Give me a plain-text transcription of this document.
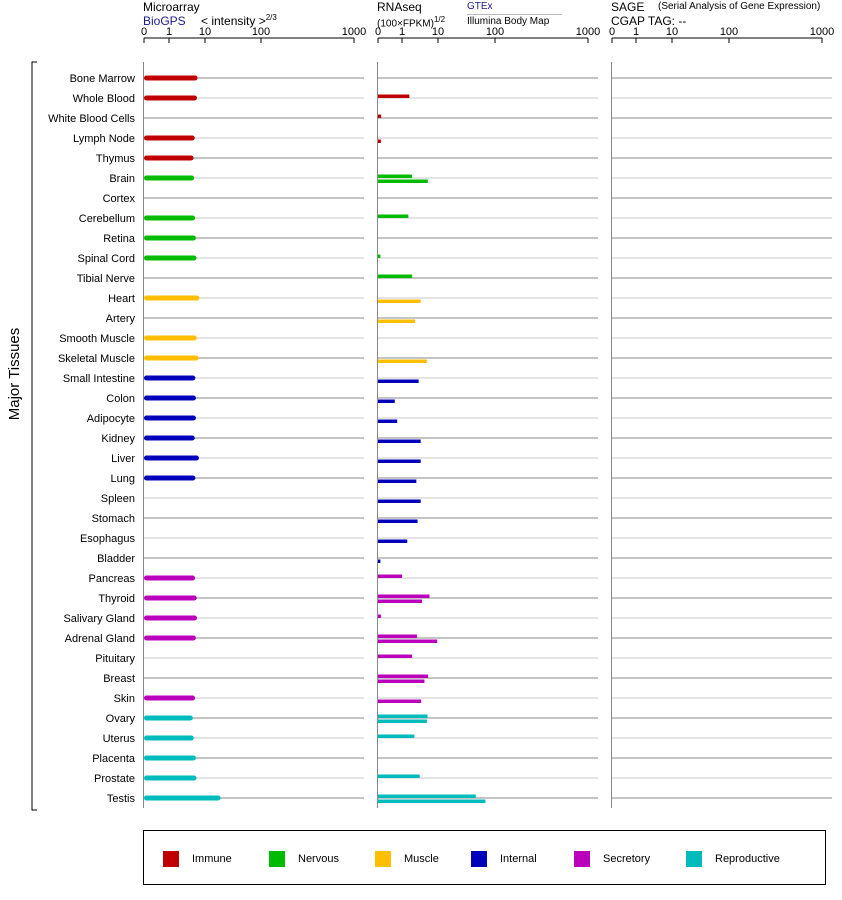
0 1 10	100	1000 0 1 10	100	1000 0 1 10	100	1000
Bone Marrow
Whole Blood
White Blood Cells
Lymph Node
Thymus
Brain
Cortex
Cerebellum
Retina
Spinal Cord
Tibial Nerve
Heart
Artery
Smooth Muscle
Skeletal Muscle
Small Intestine
Colon
Adipocyte
Kidney
Liver
Lung
Spleen
Stomach
Esophagus
Bladder
Pancreas
Thyroid
Salivary Gland
Adrenal Gland
Pituitary
Breast
Skin
Ovary
Uterus
Placenta
Prostate
Testis
Major Tissues
Microarray
BioGPS < intensity >$^{2/3}$
RNAseq
(100×FPKM)$^{1/2}$
GTEx
Illumina Body Map
SAGE (Serial Analysis of Gene Expression)
CGAP TAG: --
Immune	Nervous	Muscle	Internal	Secretory	Reproductive
